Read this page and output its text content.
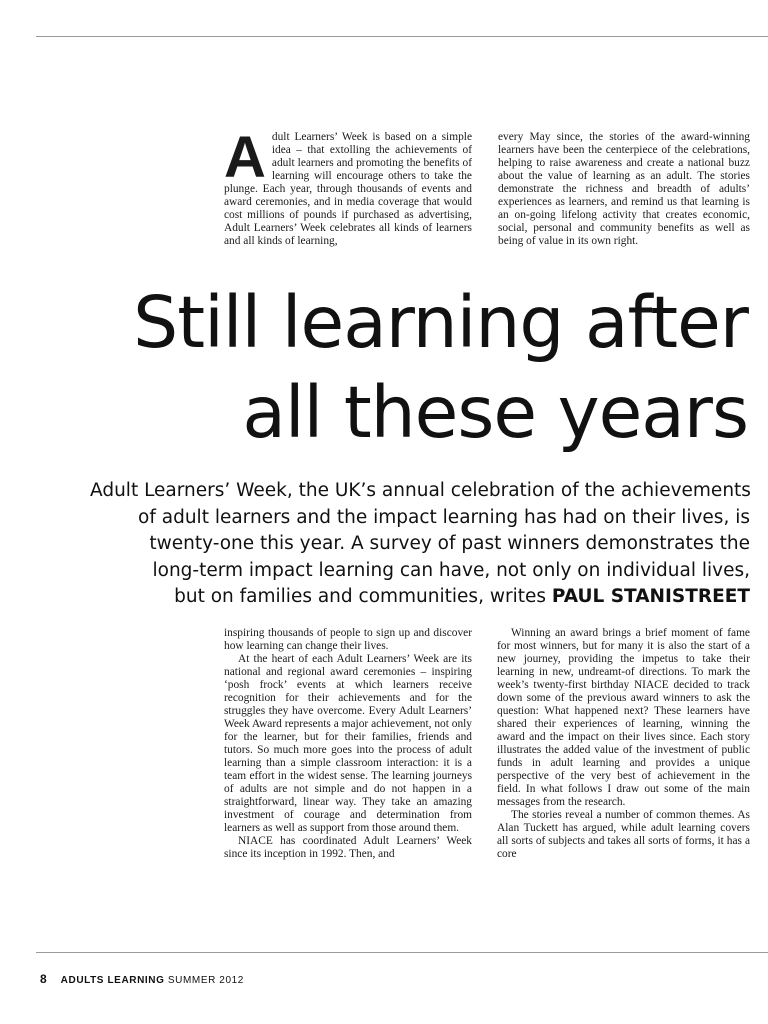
A dult Learners’ Week is based on a simple idea – that extolling the achievements of adult learners and promoting the benefits of learning will encourage others to take the plunge. Each year, through thousands of events and award ceremonies, and in media coverage that would cost millions of pounds if purchased as advertising, Adult Learners’ Week celebrates all kinds of learners and all kinds of learning,

every May since, the stories of the award-winning learners have been the centerpiece of the celebrations, helping to raise awareness and create a national buzz about the value of learning as an adult. The stories demonstrate the richness and breadth of adults’ experiences as learners, and remind us that learning is an on-going lifelong activity that creates economic, social, personal and community benefits as well as being of value in its own right.

Still learning after
all these years

Adult Learners’ Week, the UK’s annual celebration of the achievements
of adult learners and the impact learning has had on their lives, is
twenty-one this year. A survey of past winners demonstrates the
long-term impact learning can have, not only on individual lives,
but on families and communities, writes PAUL STANISTREET

inspiring thousands of people to sign up and discover how learning can change their lives.

At the heart of each Adult Learners’ Week are its national and regional award ceremonies – inspiring ‘posh frock’ events at which learners receive recognition for their achievements and for the struggles they have overcome. Every Adult Learners’ Week Award represents a major achievement, not only for the learner, but for their families, friends and tutors. So much more goes into the process of adult learning than a simple classroom interaction: it is a team effort in the widest sense. The learning journeys of adults are not simple and do not happen in a straightforward, linear way. They take an amazing investment of courage and determination from learners as well as support from those around them.

NIACE has coordinated Adult Learners’ Week since its inception in 1992. Then, and

Winning an award brings a brief moment of fame for most winners, but for many it is also the start of a new journey, providing the impetus to take their learning in new, undreamt-of directions. To mark the week’s twenty-first birthday NIACE decided to track down some of the previous award winners to ask the question: What happened next? These learners have shared their experiences of learning, winning the award and the impact on their lives since. Each story illustrates the added value of the investment of public funds in adult learning and provides a unique perspective of the very best of achievement in the field. In what follows I draw out some of the main messages from the research.

The stories reveal a number of common themes. As Alan Tuckett has argued, while adult learning covers all sorts of subjects and takes all sorts of forms, it has a core

8 ADULTS LEARNING SUMMER 2012
